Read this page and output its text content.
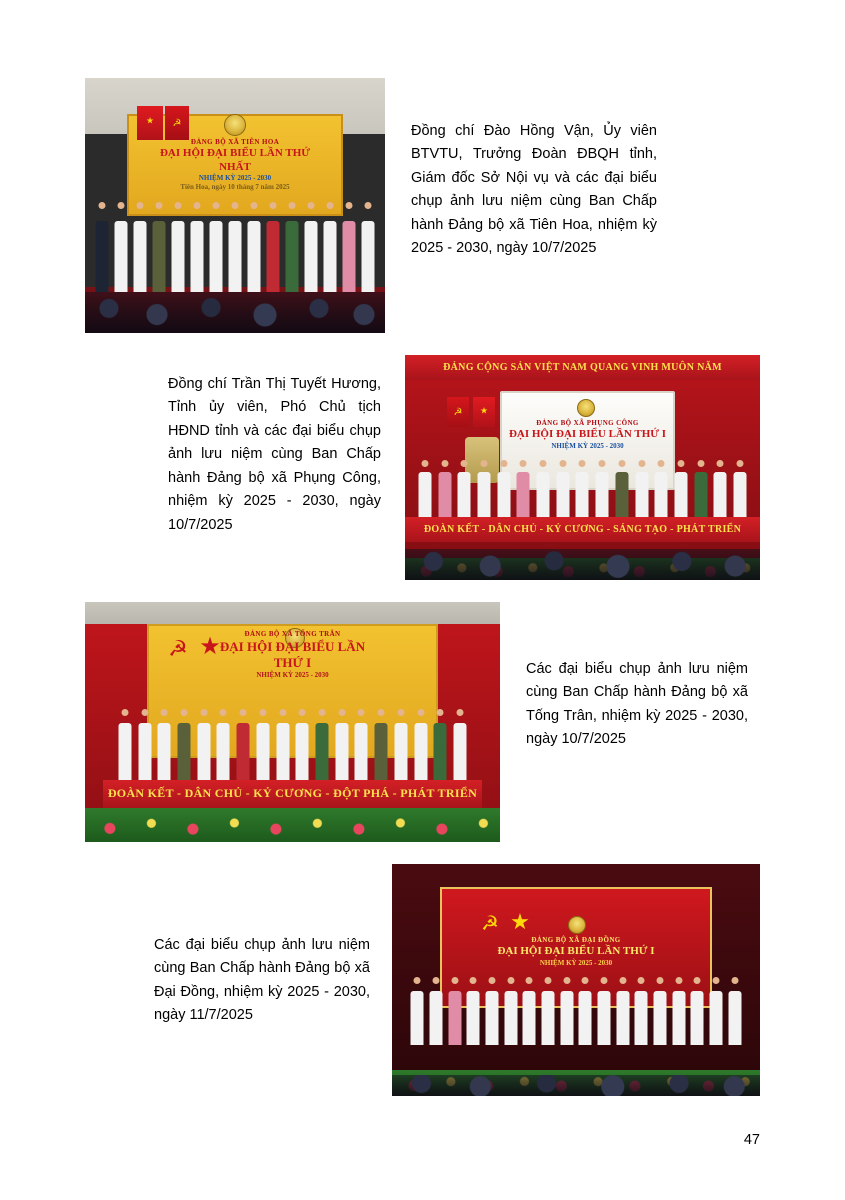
ĐẢNG BỘ XÃ TIÊN HOA
ĐẠI HỘI ĐẠI BIỂU LẦN THỨ NHẤT
NHIỆM KỲ 2025 - 2030
Tiên Hoa, ngày 10 tháng 7 năm 2025
★	☭	Đồng chí Đào Hồng Vận, Ủy viên BTVTU, Trưởng Đoàn ĐBQH tỉnh, Giám đốc Sở Nội vụ và các đại biểu chụp ảnh lưu niệm cùng Ban Chấp hành Đảng bộ xã Tiên Hoa, nhiệm kỳ 2025 - 2030, ngày 10/7/2025
ĐẢNG CỘNG SẢN VIỆT NAM QUANG VINH MUÔN NĂM
ĐẢNG BỘ XÃ PHỤNG CÔNG
ĐẠI HỘI ĐẠI BIỂU LẦN THỨ I
NHIỆM KỲ 2025 - 2030
★
☭
ĐOÀN KẾT - DÂN CHỦ - KỶ CƯƠNG - SÁNG TẠO - PHÁT TRIỂN
Đồng chí Trần Thị Tuyết Hương, Tỉnh ủy viên, Phó Chủ tịch HĐND tỉnh và các đại biểu chụp ảnh lưu niệm cùng Ban Chấp hành Đảng bộ xã Phụng Công, nhiệm kỳ 2025 - 2030, ngày 10/7/2025
ĐẢNG BỘ XÃ TỐNG TRÂN
ĐẠI HỘI ĐẠI BIỂU LẦN THỨ I
NHIỆM KỲ 2025 - 2030
☭ ★
ĐOÀN KẾT - DÂN CHỦ - KỶ CƯƠNG - ĐỘT PHÁ - PHÁT TRIỂN
Các đại biểu chụp ảnh lưu niệm cùng Ban Chấp hành Đảng bộ xã Tống Trân, nhiệm kỳ 2025 - 2030, ngày 10/7/2025
ĐẢNG BỘ XÃ ĐẠI ĐỒNG
ĐẠI HỘI ĐẠI BIỂU LẦN THỨ I
NHIỆM KỲ 2025 - 2030
☭ ★
Các đại biểu chụp ảnh lưu niệm cùng Ban Chấp hành Đảng bộ xã Đại Đồng, nhiệm kỳ 2025 - 2030, ngày 11/7/2025
47
